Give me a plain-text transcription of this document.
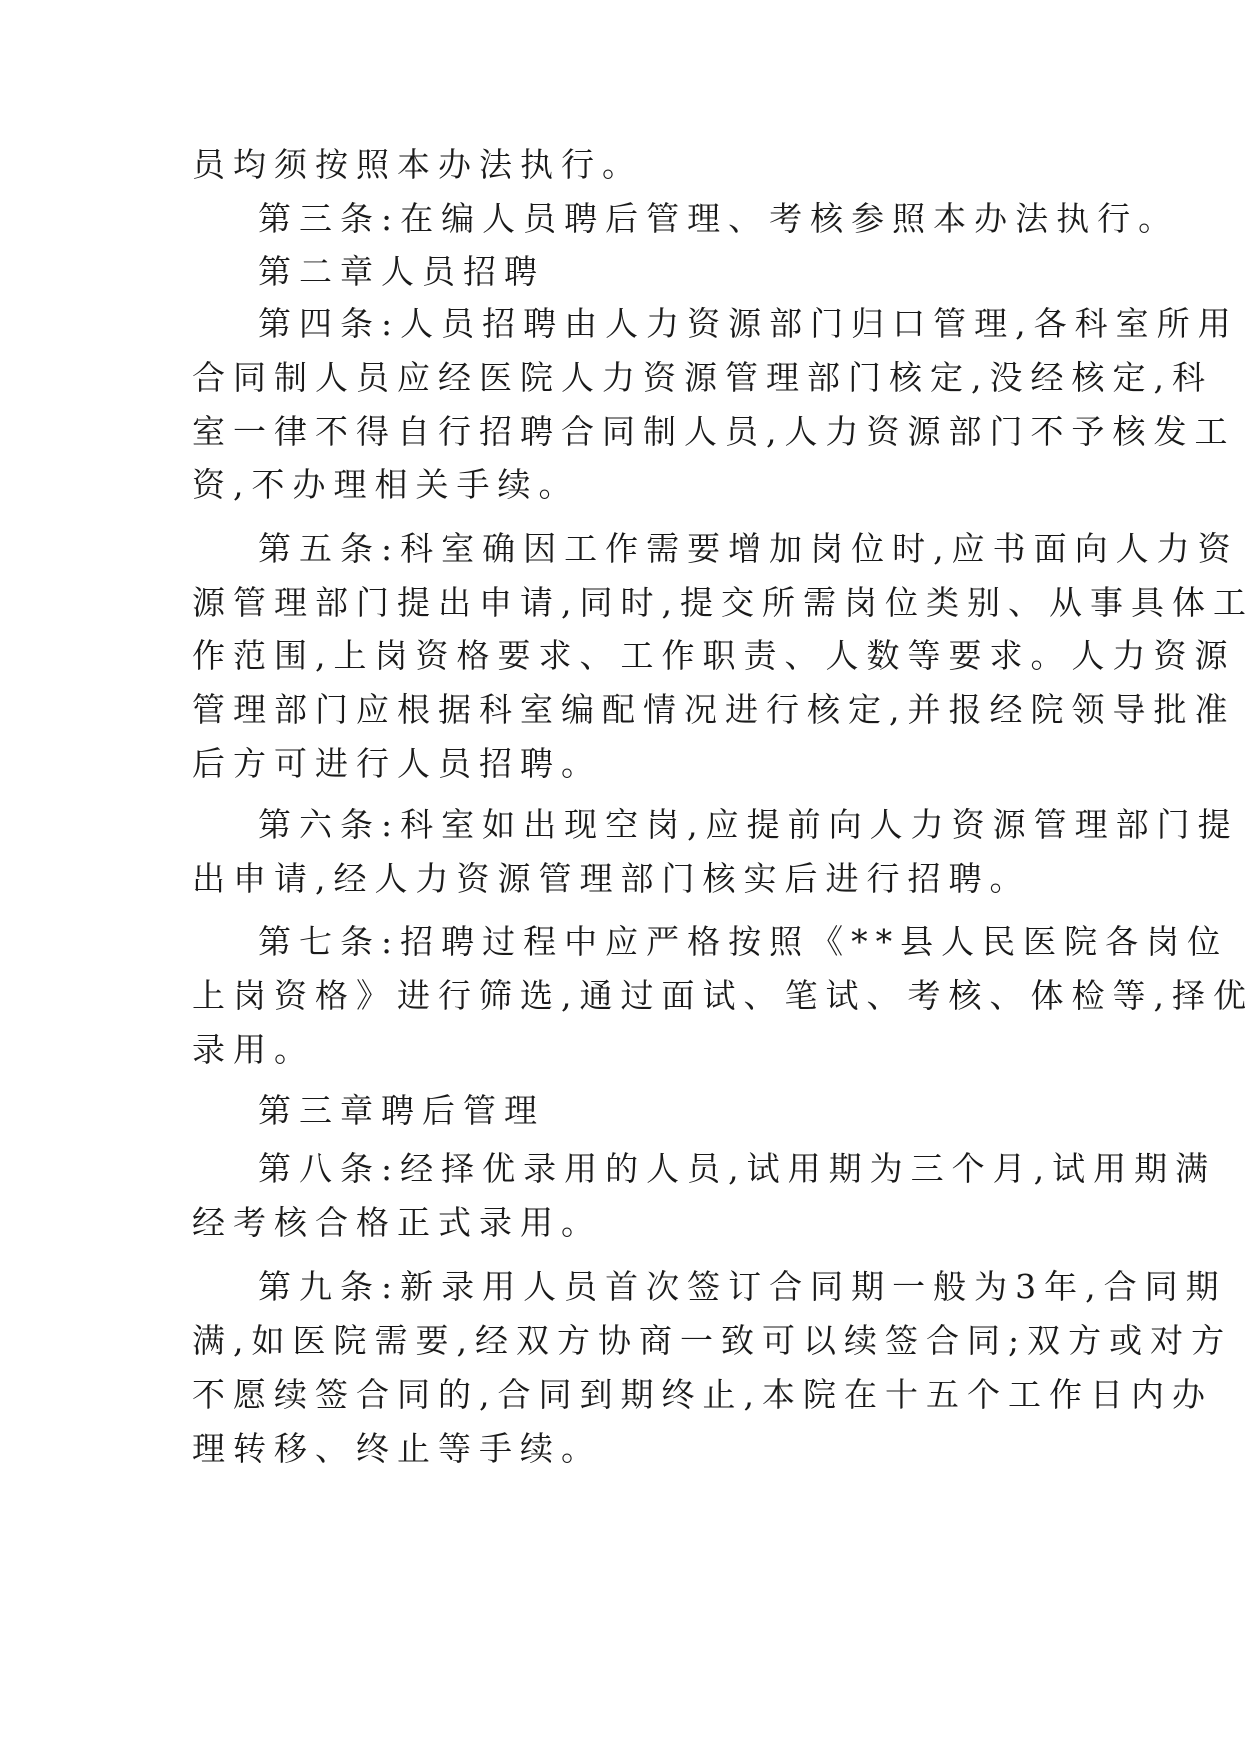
员均须按照本办法执行。
第三条:在编人员聘后管理、考核参照本办法执行。
第二章人员招聘
第四条:人员招聘由人力资源部门归口管理,各科室所用
合同制人员应经医院人力资源管理部门核定,没经核定,科
室一律不得自行招聘合同制人员,人力资源部门不予核发工
资,不办理相关手续。
第五条:科室确因工作需要增加岗位时,应书面向人力资
源管理部门提出申请,同时,提交所需岗位类别、从事具体工
作范围,上岗资格要求、工作职责、人数等要求。人力资源
管理部门应根据科室编配情况进行核定,并报经院领导批准
后方可进行人员招聘。
第六条:科室如出现空岗,应提前向人力资源管理部门提
出申请,经人力资源管理部门核实后进行招聘。
第七条:招聘过程中应严格按照《**县人民医院各岗位
上岗资格》进行筛选,通过面试、笔试、考核、体检等,择优
录用。
第三章聘后管理
第八条:经择优录用的人员,试用期为三个月,试用期满
经考核合格正式录用。
第九条:新录用人员首次签订合同期一般为3年,合同期
满,如医院需要,经双方协商一致可以续签合同;双方或对方
不愿续签合同的,合同到期终止,本院在十五个工作日内办
理转移、终止等手续。
